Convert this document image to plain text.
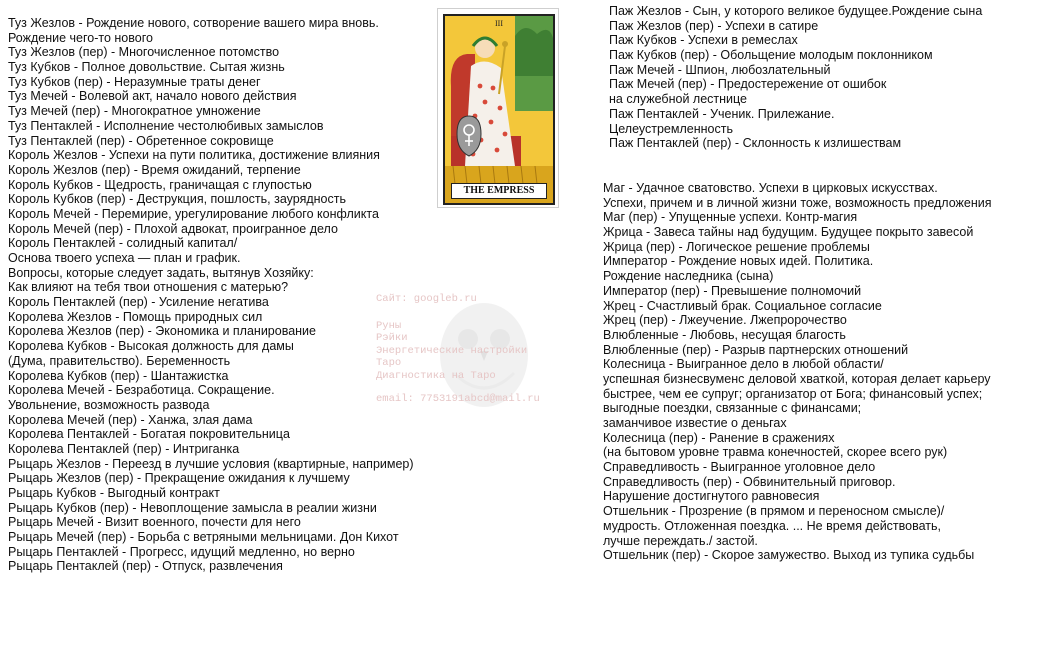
Туз Жезлов - Рождение нового, сотворение вашего мира вновь.
Рождение чего-то нового
Туз Жезлов (пер) - Многочисленное потомство
Туз Кубков - Полное довольствие. Сытая жизнь
Туз Кубков (пер) - Неразумные траты денег
Туз Мечей - Волевой акт, начало нового действия
Туз Мечей (пер) - Многократное умножение
Туз Пентаклей - Исполнение честолюбивых замыслов
Туз Пентаклей (пер) - Обретенное сокровище
Король Жезлов - Успехи на пути политика, достижение влияния
Король Жезлов (пер) - Время ожиданий, терпение
Король Кубков - Щедрость, граничащая с глупостью
Король Кубков (пер) - Деструкция, пошлость, заурядность
Король Мечей - Перемирие, урегулирование любого конфликта
Король Мечей (пер) - Плохой адвокат, проигранное дело
Король Пентаклей - солидный капитал/
Основа твоего успеха — план и график.
Вопросы, которые следует задать, вытянув Хозяйку:
Как влияют на тебя твои отношения с матерью?
Король Пентаклей (пер) - Усиление негатива
Королева Жезлов - Помощь природных сил
Королева Жезлов (пер) - Экономика и планирование
Королева Кубков - Высокая должность для дамы
(Дума, правительство). Беременность
Королева Кубков (пер) - Шантажистка
Королева Мечей - Безработица. Сокращение.
Увольнение, возможность развода
Королева Мечей (пер) - Ханжа, злая дама
Королева Пентаклей - Богатая покровительница
Королева Пентаклей (пер) - Интриганка
Рыцарь Жезлов - Переезд в лучшие условия (квартирные, например)
Рыцарь Жезлов (пер) - Прекращение ожидания к лучшему
Рыцарь Кубков - Выгодный контракт
Рыцарь Кубков (пер) - Невоплощение замысла в реалии жизни
Рыцарь Мечей - Визит военного, почести для него
Рыцарь Мечей (пер) - Борьба с ветряными мельницами. Дон Кихот
Рыцарь Пентаклей - Прогресс, идущий медленно, но верно
Рыцарь Пентаклей (пер) - Отпуск, развлечения
Паж Жезлов - Сын, у которого великое будущее.Рождение сына
Паж Жезлов (пер) - Успехи в сатире
Паж Кубков - Успехи в ремеслах
Паж Кубков (пер) - Обольщение молодым поклонником
Паж Мечей - Шпион, любозлательный
Паж Мечей (пер) - Предостережение от ошибок
на служебной лестнице
Паж Пентаклей - Ученик. Прилежание.
Целеустремленность
Паж Пентаклей (пер) - Склонность к излишествам
Маг - Удачное сватовство. Успехи в цирковых искусствах.
Успехи, причем и в личной жизни тоже, возможность предложения
Маг (пер) - Упущенные успехи. Контр-магия
Жрица - Завеса тайны над будущим. Будущее покрыто завесой
Жрица (пер) - Логическое решение проблемы
Император - Рождение новых идей. Политика.
Рождение наследника (сына)
Император (пер) - Превышение полномочий
Жрец - Счастливый брак. Социальное согласие
Жрец (пер) - Лжеучение. Лжепророчество
Влюбленные - Любовь, несущая благость
Влюбленные (пер) - Разрыв партнерских отношений
Колесница - Выигранное дело в любой области/
успешная бизнесвуменс деловой хваткой, которая делает карьеру
быстрее, чем ее супруг; организатор от Бога; финансовый успех;
выгодные поездки, связанные с финансами;
заманчивое известие о деньгах
Колесница (пер) - Ранение в сражениях
(на бытовом уровне травма конечностей, скорее всего рук)
Справедливость - Выигранное уголовное дело
Справедливость (пер) - Обвинительный приговор.
Нарушение достигнутого равновесия
Отшельник - Прозрение (в прямом и переносном смысле)/
мудрость. Отложенная поездка. ... Не время действовать,
лучше переждать./ застой.
Отшельник (пер) - Скорое замужество. Выход из тупика судьбы
III
THE EMPRESS
Сайт: googleb.ru
Руны
Рэйки
Энергетические настройки
Таро
Диагностика на Таро
email: 7753191abcd@mail.ru
